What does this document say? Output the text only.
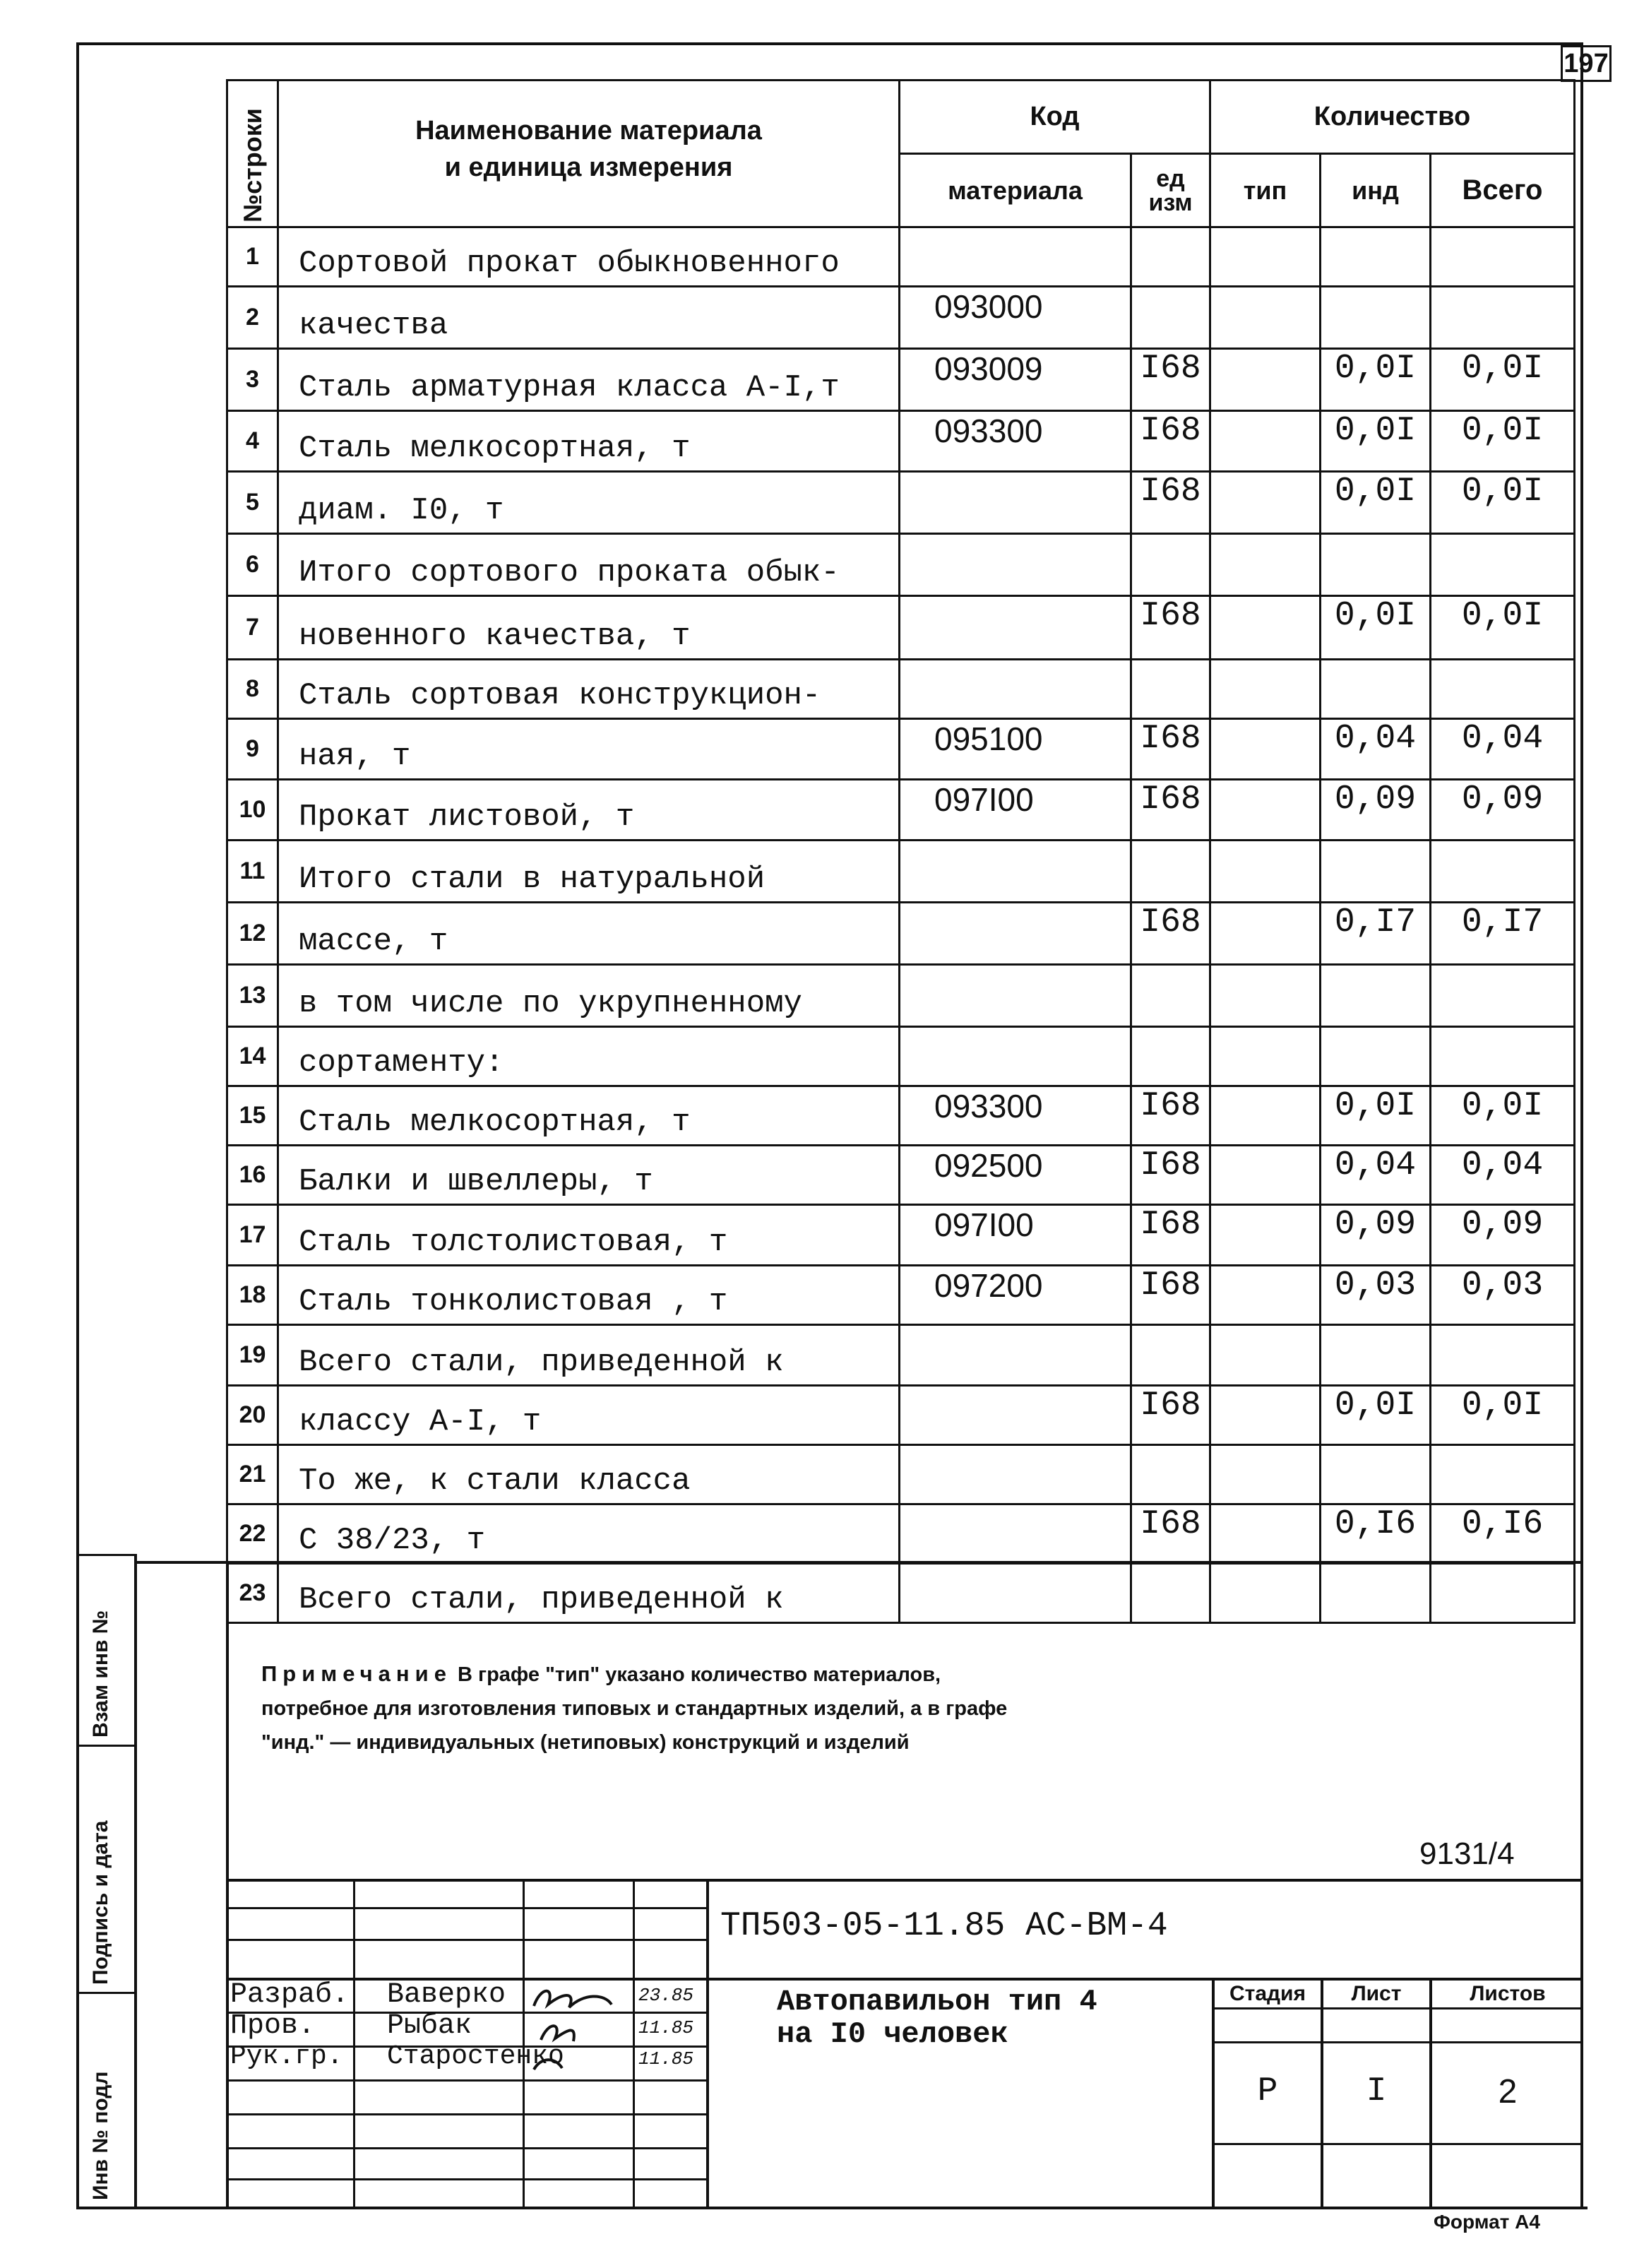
197
№строки	Наименование материала
и единица измерения	Код		Количество		
		материала	ед изм	тип	инд	Всего
1	Сортовой прокат обыкновенного					
2	качества	093000				
3	Сталь арматурная класса A-I,т	093009	I68		0,0I	0,0I
4	Сталь мелкосортная, т	093300	I68		0,0I	0,0I
5	диам. I0, т		I68		0,0I	0,0I
6	Итого сортового проката обык-					
7	новенного качества, т		I68		0,0I	0,0I
8	Сталь сортовая конструкцион-					
9	ная, т	095100	I68		0,04	0,04
10	Прокат листовой, т	097I00	I68		0,09	0,09
11	Итого стали в натуральной					
12	массе, т		I68		0,I7	0,I7
13	в том числе по укрупненному					
14	сортаменту:					
15	Сталь мелкосортная, т	093300	I68		0,0I	0,0I
16	Балки и швеллеры, т	092500	I68		0,04	0,04
17	Сталь толстолистовая, т	097I00	I68		0,09	0,09
18	Сталь тонколистовая , т	097200	I68		0,03	0,03
19	Всего стали, приведенной к					
20	классу A-I, т		I68		0,0I	0,0I
21	То же, к стали класса					
22	С 38/23, т		I68		0,I6	0,I6
23	Всего стали, приведенной к					
Примечание В графе "тип" указано количество материалов, потребное для изготовления типовых и стандартных изделий, а в графе "инд." — индивидуальных (нетиповых) конструкций и изделий
9131/4
Взам инв №
Подпись и дата
Инв № подл
ТП503-05-11.85 АС-ВМ-4
Разраб. Ваверко	23.85
Пров.	Рыбак	11.85
Рук.гр. Старостенко	11.85
Автопавильон тип 4
на I0 человек
Стадия	Лист	Листов
Р	I	2
Формат А4
